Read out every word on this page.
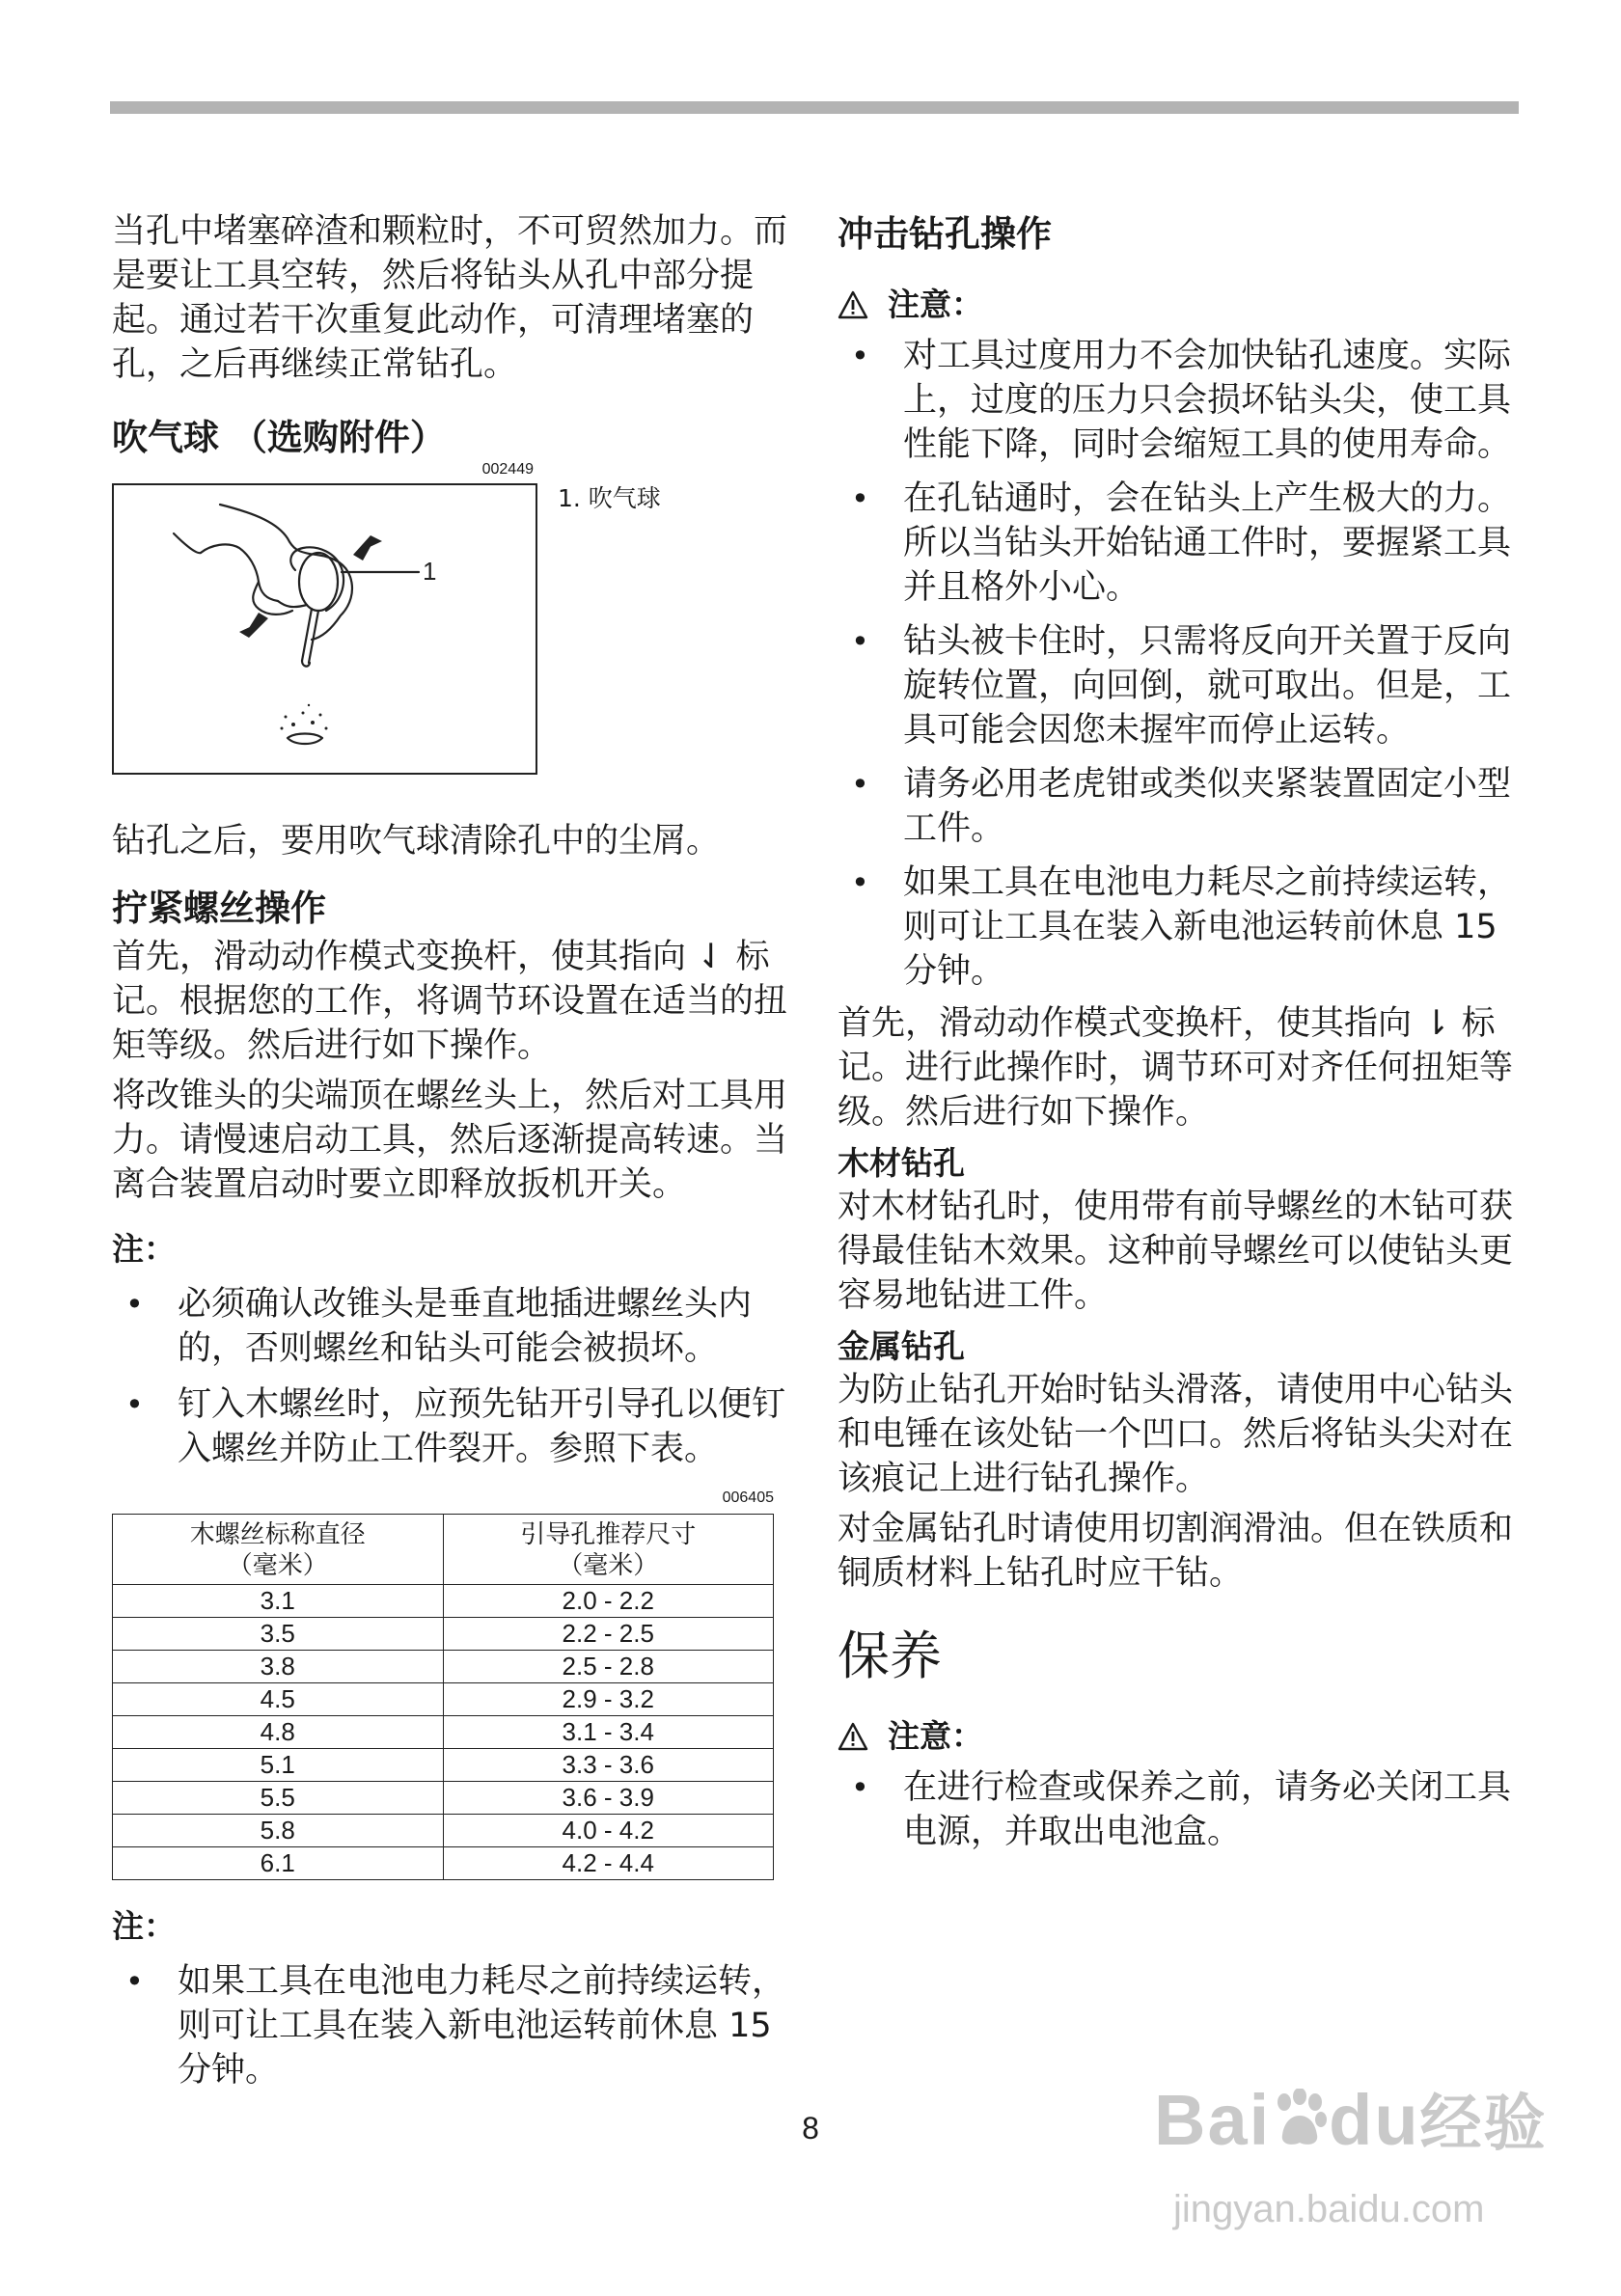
当孔中堵塞碎渣和颗粒时，不可贸然加力。而是要让工具空转，然后将钻头从孔中部分提起。通过若干次重复此动作，可清理堵塞的孔，之后再继续正常钻孔。

吹气球 （选购附件）
002449
1
1. 吹气球

钻孔之后，要用吹气球清除孔中的尘屑。

拧紧螺丝操作

首先，滑动动作模式变换杆，使其指向 ⇃ 标记。根据您的工作，将调节环设置在适当的扭矩等级。然后进行如下操作。

将改锥头的尖端顶在螺丝头上，然后对工具用力。请慢速启动工具，然后逐渐提高转速。当离合装置启动时要立即释放扳机开关。

注：
• 必须确认改锥头是垂直地插进螺丝头内的，否则螺丝和钻头可能会被损坏。
• 钉入木螺丝时，应预先钻开引导孔以便钉入螺丝并防止工件裂开。参照下表。
006405
木螺丝标称直径
（毫米）	引导孔推荐尺寸
（毫米）
3.1	2.0 - 2.2
3.5	2.2 - 2.5
3.8	2.5 - 2.8
4.5	2.9 - 3.2
4.8	3.1 - 3.4
5.1	3.3 - 3.6
5.5	3.6 - 3.9
5.8	4.0 - 4.2
6.1	4.2 - 4.4
注：
• 如果工具在电池电力耗尽之前持续运转，则可让工具在装入新电池运转前休息 15 分钟。
冲击钻孔操作
注意：
• 对工具过度用力不会加快钻孔速度。实际上，过度的压力只会损坏钻头尖，使工具性能下降，同时会缩短工具的使用寿命。
• 在孔钻通时，会在钻头上产生极大的力。所以当钻头开始钻通工件时，要握紧工具并且格外小心。
• 钻头被卡住时，只需将反向开关置于反向旋转位置，向回倒，就可取出。但是，工具可能会因您未握牢而停止运转。
• 请务必用老虎钳或类似夹紧装置固定小型工件。
• 如果工具在电池电力耗尽之前持续运转，则可让工具在装入新电池运转前休息 15 分钟。

首先，滑动动作模式变换杆，使其指向 ⇂ 标记。进行此操作时，调节环可对齐任何扭矩等级。然后进行如下操作。

木材钻孔

对木材钻孔时，使用带有前导螺丝的木钻可获得最佳钻木效果。这种前导螺丝可以使钻头更容易地钻进工件。

金属钻孔

为防止钻孔开始时钻头滑落，请使用中心钻头和电锤在该处钻一个凹口。然后将钻头尖对在该痕记上进行钻孔操作。

对金属钻孔时请使用切割润滑油。但在铁质和铜质材料上钻孔时应干钻。

保养
注意：
• 在进行检查或保养之前，请务必关闭工具电源，并取出电池盒。
8	Bai du经验
jingyan.baidu.com
